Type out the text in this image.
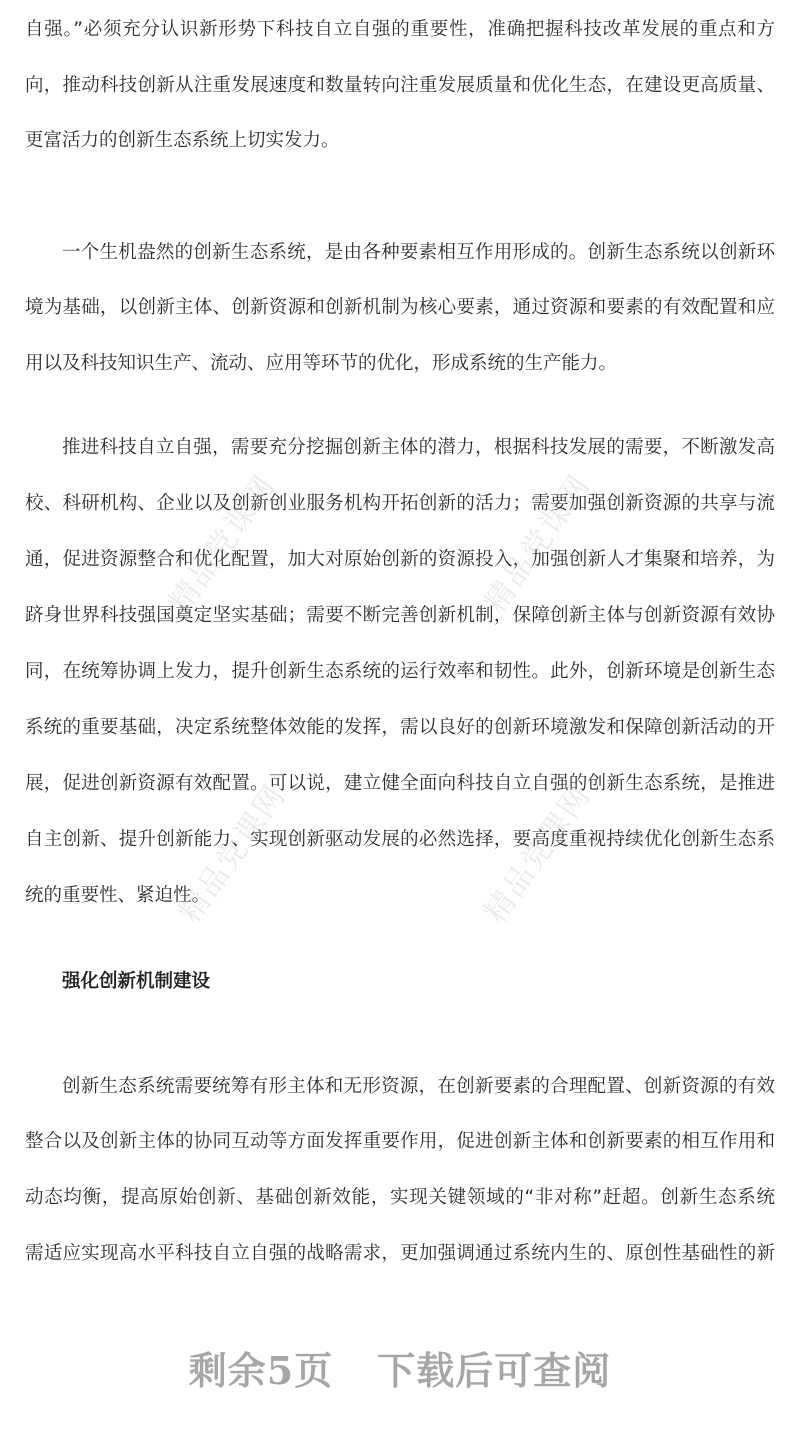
自强。”必须充分认识新形势下科技自立自强的重要性，准确把握科技改革发展的重点和方
向，推动科技创新从注重发展速度和数量转向注重发展质量和优化生态，在建设更高质量、
更富活力的创新生态系统上切实发力。
一个生机盎然的创新生态系统，是由各种要素相互作用形成的。创新生态系统以创新环
境为基础，以创新主体、创新资源和创新机制为核心要素，通过资源和要素的有效配置和应
用以及科技知识生产、流动、应用等环节的优化，形成系统的生产能力。
推进科技自立自强，需要充分挖掘创新主体的潜力，根据科技发展的需要，不断激发高
校、科研机构、企业以及创新创业服务机构开拓创新的活力；需要加强创新资源的共享与流
通，促进资源整合和优化配置，加大对原始创新的资源投入，加强创新人才集聚和培养，为
跻身世界科技强国奠定坚实基础；需要不断完善创新机制，保障创新主体与创新资源有效协
同，在统筹协调上发力，提升创新生态系统的运行效率和韧性。此外，创新环境是创新生态
系统的重要基础，决定系统整体效能的发挥，需以良好的创新环境激发和保障创新活动的开
展，促进创新资源有效配置。可以说，建立健全面向科技自立自强的创新生态系统，是推进
自主创新、提升创新能力、实现创新驱动发展的必然选择，要高度重视持续优化创新生态系
统的重要性、紧迫性。
强化创新机制建设
创新生态系统需要统筹有形主体和无形资源，在创新要素的合理配置、创新资源的有效
整合以及创新主体的协同互动等方面发挥重要作用，促进创新主体和创新要素的相互作用和
动态均衡，提高原始创新、基础创新效能，实现关键领域的“非对称”赶超。创新生态系统
需适应实现高水平科技自立自强的战略需求，更加强调通过系统内生的、原创性基础性的新
精品党课网	精品党课网
精品党课网	精品党课网
剩余5页 下载后可查阅
